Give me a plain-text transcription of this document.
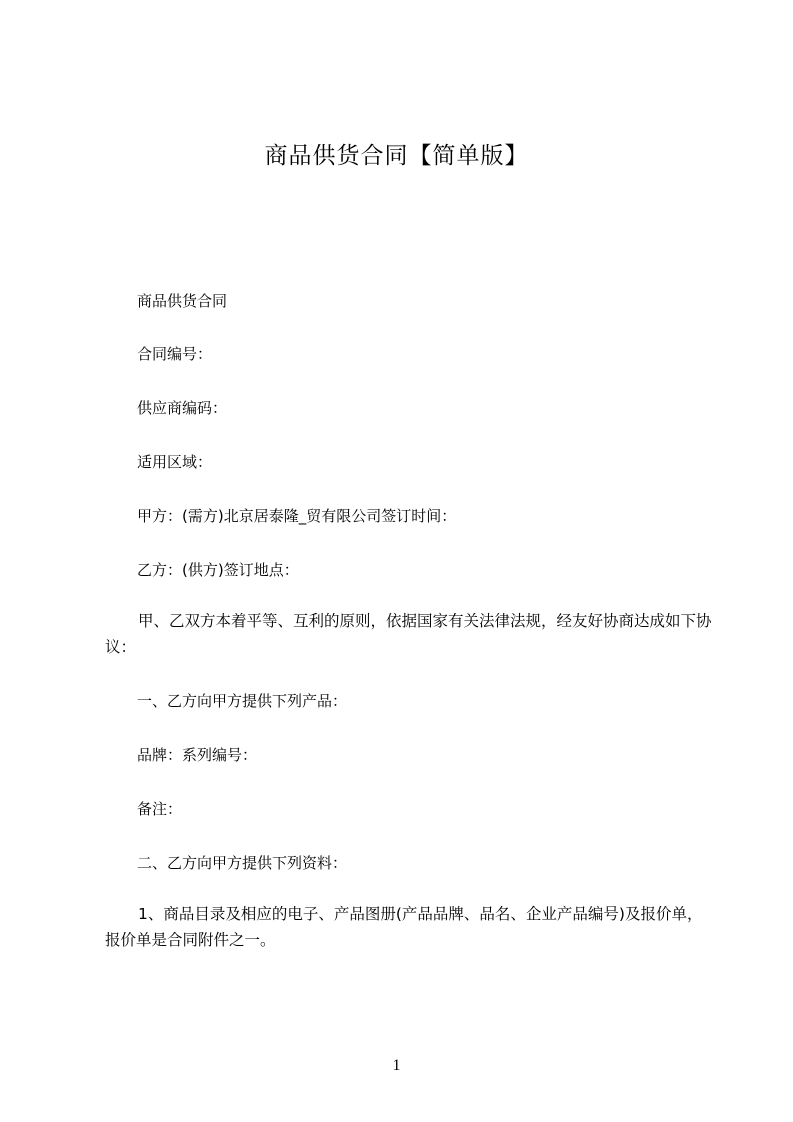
商品供货合同【简单版】
商品供货合同
合同编号：
供应商编码：
适用区域：
甲方：(需方)北京居泰隆_贸有限公司签订时间：
乙方：(供方)签订地点：
甲、乙双方本着平等、互利的原则，依据国家有关法律法规，经友好协商达成如下协议：
一、乙方向甲方提供下列产品：
品牌：系列编号：
备注：
二、乙方向甲方提供下列资料：
1、商品目录及相应的电子、产品图册(产品品牌、品名、企业产品编号)及报价单，报价单是合同附件之一。
1
